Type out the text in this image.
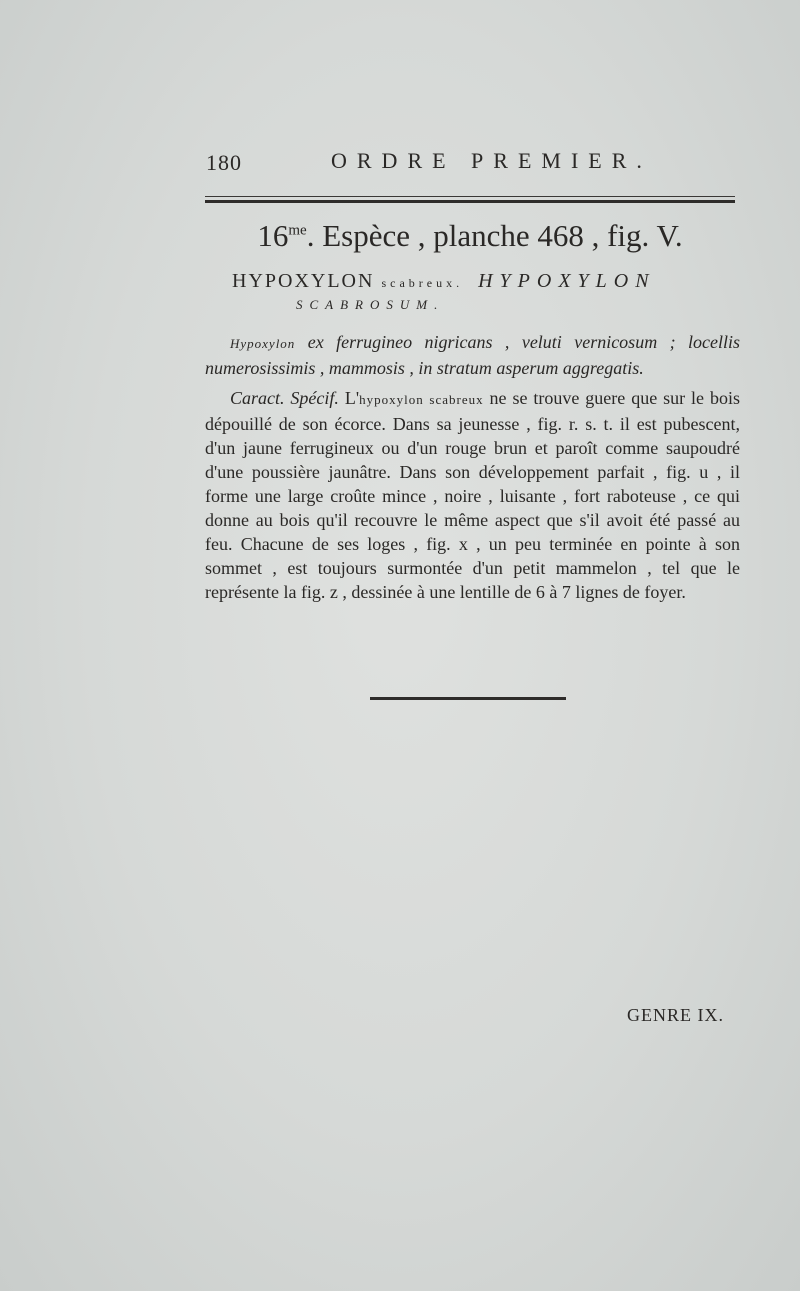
180	ORDRE PREMIER.
$16^{me}$. Espèce , planche 468 , fig. V.
HYPOXYLON scabreux. HYPOXYLON
SCABROSUM.

Hypoxylon ex ferrugineo nigricans , veluti vernicosum ; locellis numerosissimis , mammosis , in stratum asperum aggregatis.

Caract. Spécif. L'hypoxylon scabreux ne se trouve guere que sur le bois dépouillé de son écorce. Dans sa jeunesse , fig. r. s. t. il est pubescent, d'un jaune ferrugineux ou d'un rouge brun et paroît comme saupoudré d'une poussière jaunâtre. Dans son développement parfait , fig. u , il forme une large croûte mince , noire , luisante , fort raboteuse , ce qui donne au bois qu'il recouvre le même aspect que s'il avoit été passé au feu. Chacune de ses loges , fig. x , un peu terminée en pointe à son sommet , est toujours surmontée d'un petit mammelon , tel que le représente la fig. z , dessinée à une lentille de 6 à 7 lignes de foyer.

GENRE IX.
